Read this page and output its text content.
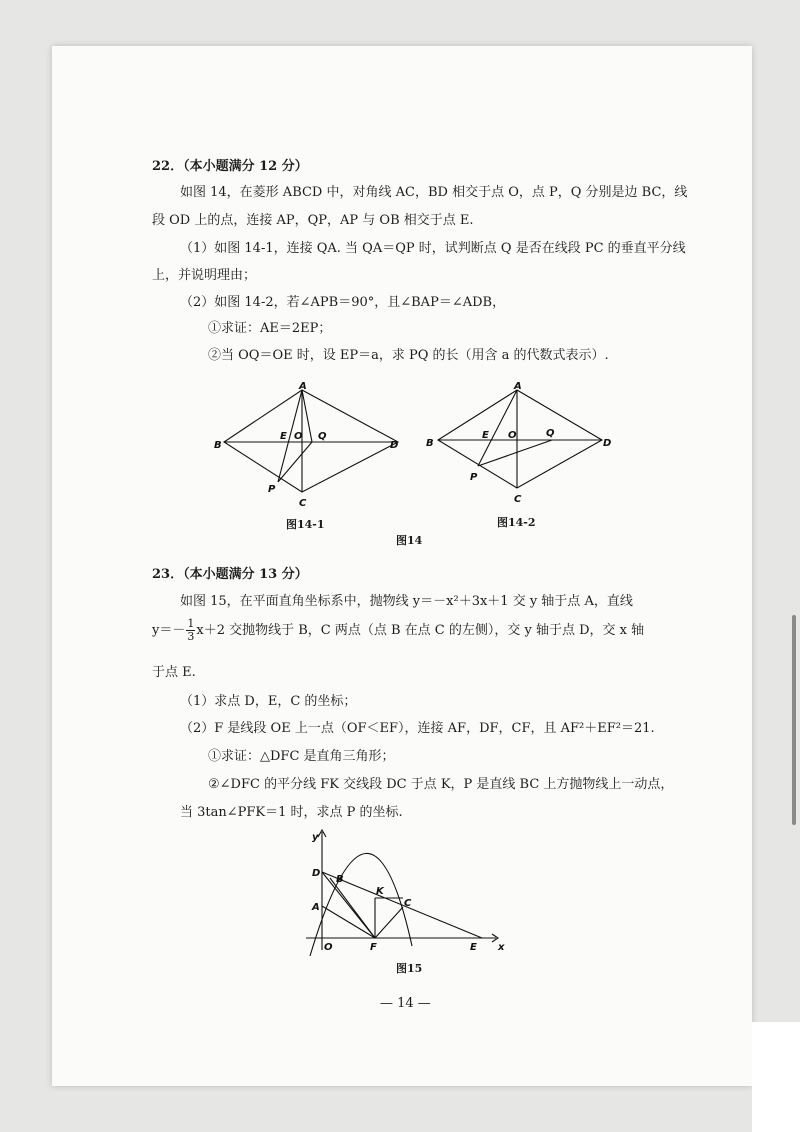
22．（本小题满分 12 分）
如图 14，在菱形 ABCD 中，对角线 AC，BD 相交于点 O，点 P，Q 分别是边 BC，线
段 OD 上的点，连接 AP，QP，AP 与 OB 相交于点 E.
（1）如图 14-1，连接 QA. 当 QA＝QP 时，试判断点 Q 是否在线段 PC 的垂直平分线
上，并说明理由；
（2）如图 14-2，若∠APB＝90°，且∠BAP＝∠ADB，
①求证：AE＝2EP；
②当 OQ＝OE 时，设 EP＝a，求 PQ 的长（用含 a 的代数式表示）.
A
B
C
D
E O Q
P
图14-1
A
B
C
D
E O	Q
P
图14-2
图14
23．（本小题满分 13 分）
如图 15，在平面直角坐标系中，抛物线 y＝－x²＋3x＋1 交 y 轴于点 A，直线
$y=- \frac{1}{3} x+2$ 交抛物线于 B，C 两点（点 B 在点 C 的左侧），交 y 轴于点 D，交 x 轴
于点 E.
（1）求点 D，E，C 的坐标；
（2）F 是线段 OE 上一点（OF＜EF），连接 AF，DF，CF，且 AF²＋EF²＝21.
①求证：△DFC 是直角三角形；
②∠DFC 的平分线 FK 交线段 DC 于点 K，P 是直线 BC 上方抛物线上一动点，
当 3tan∠PFK＝1 时，求点 P 的坐标.
y
x
D
B
A
K
C
O	F	E
图15
— 14 —
